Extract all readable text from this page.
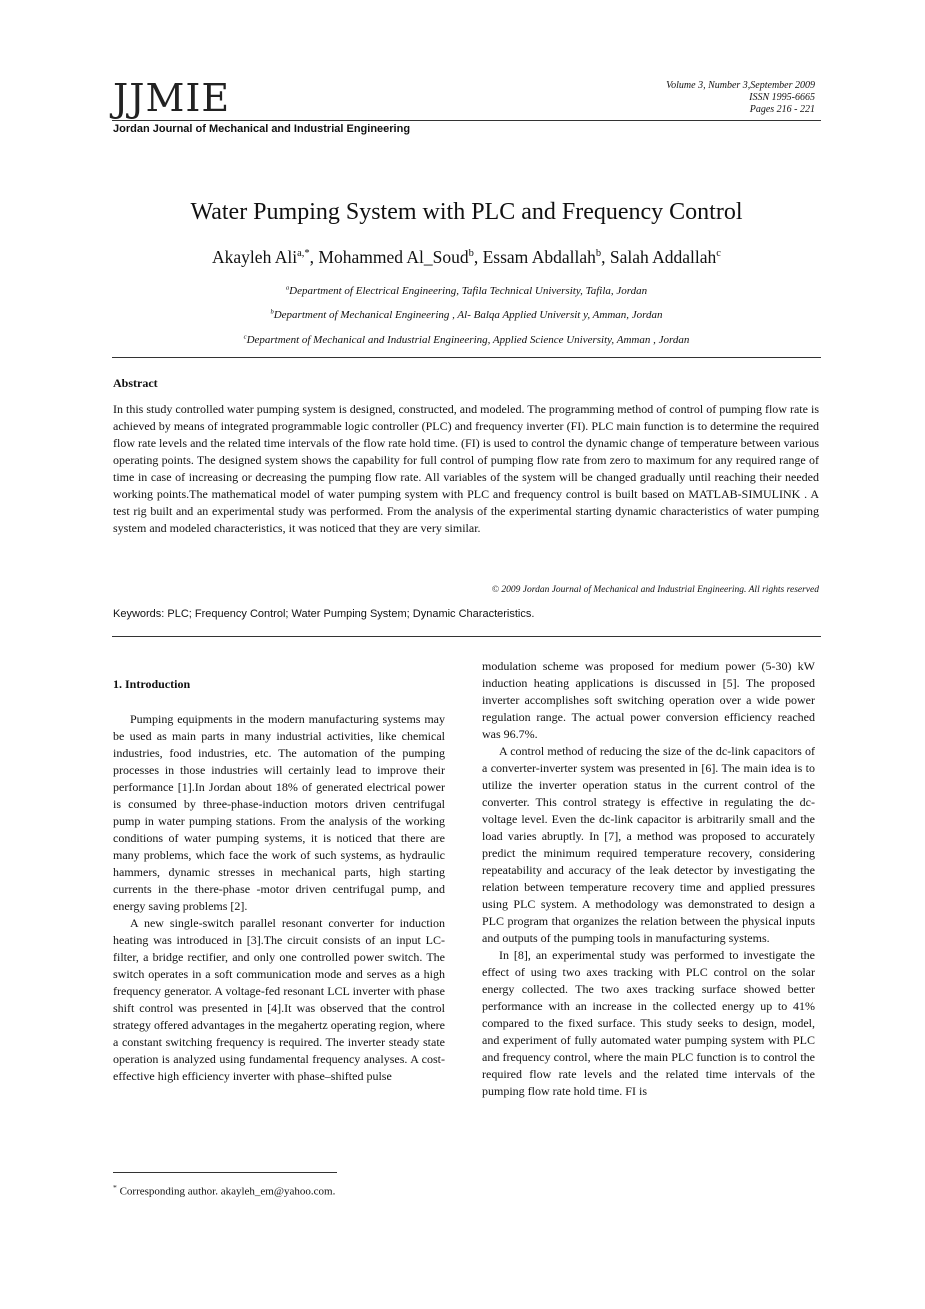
JJMIE	Volume 3, Number 3,September 2009
ISSN 1995-6665
Pages 216 - 221
Jordan Journal of Mechanical and Industrial Engineering
Water Pumping System with PLC and Frequency Control
Akayleh Ali$^{a,*}$, Mohammed Al_Soud$^b$, Essam Abdallah$^b$, Salah Addallah$^c$
$^a$Department of Electrical Engineering, Tafila Technical University, Tafila, Jordan
$^b$Department of Mechanical Engineering , Al- Balqa Applied Universit y, Amman, Jordan
$^c$Department of Mechanical and Industrial Engineering, Applied Science University, Amman , Jordan
Abstract

In this study controlled water pumping system is designed, constructed, and modeled. The programming method of control of pumping flow rate is achieved by means of integrated programmable logic controller (PLC) and frequency inverter (FI). PLC main function is to determine the required flow rate levels and the related time intervals of the flow rate hold time. (FI) is used to control the dynamic change of temperature between various operating points. The designed system shows the capability for full control of pumping flow rate from zero to maximum for any required range of time in case of increasing or decreasing the pumping flow rate. All variables of the system will be changed gradually until reaching their needed working points.The mathematical model of water pumping system with PLC and frequency control is built based on MATLAB-SIMULINK . A test rig built and an experimental study was performed. From the analysis of the experimental starting dynamic characteristics of water pumping system and modeled characteristics, it was noticed that they are very similar.

© 2009 Jordan Journal of Mechanical and Industrial Engineering. All rights reserved
Keywords: PLC; Frequency Control; Water Pumping System; Dynamic Characteristics.
1. Introduction

Pumping equipments in the modern manufacturing systems may be used as main parts in many industrial activities, like chemical industries, food industries, etc. The automation of the pumping processes in those industries will certainly lead to improve their performance [1].In Jordan about 18% of generated electrical power is consumed by three-phase-induction motors driven centrifugal pump in water pumping stations. From the analysis of the working conditions of water pumping systems, it is noticed that there are many problems, which face the work of such systems, as hydraulic hammers, dynamic stresses in mechanical parts, high starting currents in the there-phase -motor driven centrifugal pump, and energy saving problems [2].

A new single-switch parallel resonant converter for induction heating was introduced in [3].The circuit consists of an input LC-filter, a bridge rectifier, and only one controlled power switch. The switch operates in a soft communication mode and serves as a high frequency generator. A voltage-fed resonant LCL inverter with phase shift control was presented in [4].It was observed that the control strategy offered advantages in the megahertz operating region, where a constant switching frequency is required. The inverter steady state operation is analyzed using fundamental frequency analyses. A cost-effective high efficiency inverter with phase–shifted pulse

modulation scheme was proposed for medium power (5-30) kW induction heating applications is discussed in [5]. The proposed inverter accomplishes soft switching operation over a wide power regulation range. The actual power conversion efficiency reached was 96.7%.

A control method of reducing the size of the dc-link capacitors of a converter-inverter system was presented in [6]. The main idea is to utilize the inverter operation status in the current control of the converter. This control strategy is effective in regulating the dc-voltage level. Even the dc-link capacitor is arbitrarily small and the load varies abruptly. In [7], a method was proposed to accurately predict the minimum required temperature recovery, considering repeatability and accuracy of the leak detector by investigating the relation between temperature recovery time and applied pressures using PLC system. A methodology was demonstrated to design a PLC program that organizes the relation between the physical inputs and outputs of the pumping tools in manufacturing systems.

In [8], an experimental study was performed to investigate the effect of using two axes tracking with PLC control on the solar energy collected. The two axes tracking surface showed better performance with an increase in the collected energy up to 41% compared to the fixed surface. This study seeks to design, model, and experiment of fully automated water pumping system with PLC and frequency control, where the main PLC function is to control the required flow rate levels and the related time intervals of the pumping flow rate hold time. FI is

* Corresponding author. akayleh_em@yahoo.com.
